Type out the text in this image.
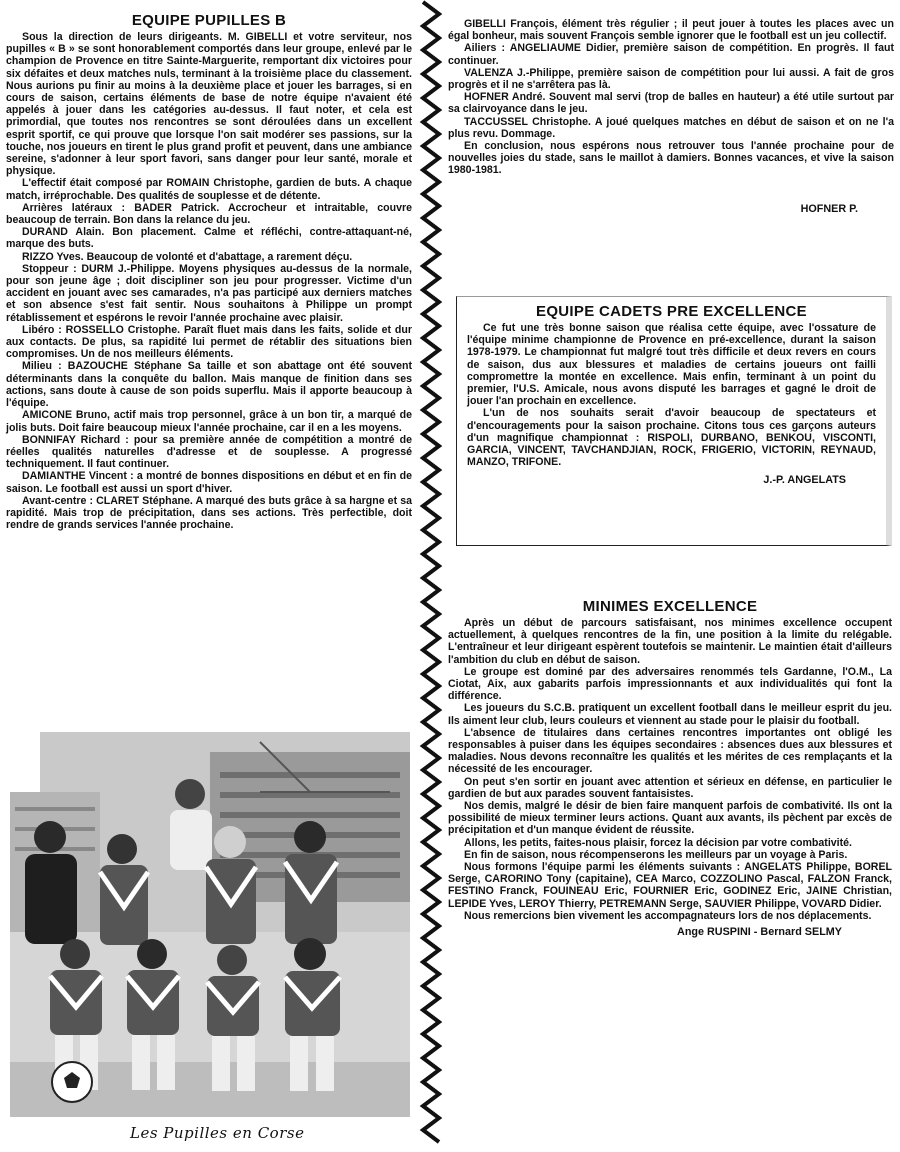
EQUIPE PUPILLES B

Sous la direction de leurs dirigeants. M. GIBELLI et votre serviteur, nos pupilles « B » se sont honorablement comportés dans leur groupe, enlevé par le champion de Provence en titre Sainte-Marguerite, remportant dix victoires pour six défaites et deux matches nuls, terminant à la troisième place du classement. Nous aurions pu finir au moins à la deuxième place et jouer les barrages, si en cours de saison, certains éléments de base de notre équipe n'avaient été appelés à jouer dans les catégories au-dessus. Il faut noter, et cela est primordial, que toutes nos rencontres se sont déroulées dans un excellent esprit sportif, ce qui prouve que lorsque l'on sait modérer ses passions, sur la touche, nos joueurs en tirent le plus grand profit et peuvent, dans une ambiance sereine, s'adonner à leur sport favori, sans danger pour leur santé, morale et physique.

L'effectif était composé par ROMAIN Christophe, gardien de buts. A chaque match, irréprochable. Des qualités de souplesse et de détente.

Arrières latéraux : BADER Patrick. Accrocheur et intraitable, couvre beaucoup de terrain. Bon dans la relance du jeu.

DURAND Alain. Bon placement. Calme et réfléchi, contre-attaquant-né, marque des buts.

RIZZO Yves. Beaucoup de volonté et d'abattage, a rarement déçu.

Stoppeur : DURM J.-Philippe. Moyens physiques au-dessus de la normale, pour son jeune âge ; doit discipliner son jeu pour progresser. Victime d'un accident en jouant avec ses camarades, n'a pas participé aux derniers matches et son absence s'est fait sentir. Nous souhaitons à Philippe un prompt rétablissement et espérons le revoir l'année prochaine avec plaisir.

Libéro : ROSSELLO Cristophe. Paraît fluet mais dans les faits, solide et dur aux contacts. De plus, sa rapidité lui permet de rétablir des situations bien compromises. Un de nos meilleurs éléments.

Milieu : BAZOUCHE Stéphane Sa taille et son abattage ont été souvent déterminants dans la conquête du ballon. Mais manque de finition dans ses actions, sans doute à cause de son poids superflu. Mais il apporte beaucoup à l'équipe.

AMICONE Bruno, actif mais trop personnel, grâce à un bon tir, a marqué de jolis buts. Doit faire beaucoup mieux l'année prochaine, car il en a les moyens.

BONNIFAY Richard : pour sa première année de compétition a montré de réelles qualités naturelles d'adresse et de souplesse. A progressé techniquement. Il faut continuer.

DAMIANTHE Vincent : a montré de bonnes dispositions en début et en fin de saison. Le football est aussi un sport d'hiver.

Avant-centre : CLARET Stéphane. A marqué des buts grâce à sa hargne et sa rapidité. Mais trop de précipitation, dans ses actions. Très perfectible, doit rendre de grands services l'année prochaine.

Les Pupilles en Corse

GIBELLI François, élément très régulier ; il peut jouer à toutes les places avec un égal bonheur, mais souvent François semble ignorer que le football est un jeu collectif.

Ailiers : ANGELIAUME Didier, première saison de compétition. En progrès. Il faut continuer.

VALENZA J.-Philippe, première saison de compétition pour lui aussi. A fait de gros progrès et il ne s'arrêtera pas là.

HOFNER André. Souvent mal servi (trop de balles en hauteur) a été utile surtout par sa clairvoyance dans le jeu.

TACCUSSEL Christophe. A joué quelques matches en début de saison et on ne l'a plus revu. Dommage.

En conclusion, nous espérons nous retrouver tous l'année prochaine pour de nouvelles joies du stade, sans le maillot à damiers. Bonnes vacances, et vive la saison 1980-1981.

HOFNER P.

EQUIPE CADETS PRE EXCELLENCE

Ce fut une très bonne saison que réalisa cette équipe, avec l'ossature de l'équipe minime championne de Provence en pré-excellence, durant la saison 1978-1979. Le championnat fut malgré tout très difficile et deux revers en cours de saison, dus aux blessures et maladies de certains joueurs ont failli compromettre la montée en excellence. Mais enfin, terminant à un point du premier, l'U.S. Amicale, nous avons disputé les barrages et gagné le droit de jouer l'an prochain en excellence.

L'un de nos souhaits serait d'avoir beaucoup de spectateurs et d'encouragements pour la saison prochaine. Citons tous ces garçons auteurs d'un magnifique championnat : RISPOLI, DURBANO, BENKOU, VISCONTI, GARCIA, VINCENT, TAVCHANDJIAN, ROCK, FRIGERIO, VICTORIN, REYNAUD, MANZO, TRIFONE.

J.-P. ANGELATS

MINIMES EXCELLENCE

Après un début de parcours satisfaisant, nos minimes excellence occupent actuellement, à quelques rencontres de la fin, une position à la limite du relégable. L'entraîneur et leur dirigeant espèrent toutefois se maintenir. Le maintien était d'ailleurs l'ambition du club en début de saison.

Le groupe est dominé par des adversaires renommés tels Gardanne, l'O.M., La Ciotat, Aix, aux gabarits parfois impressionnants et aux individualités qui font la différence.

Les joueurs du S.C.B. pratiquent un excellent football dans le meilleur esprit du jeu. Ils aiment leur club, leurs couleurs et viennent au stade pour le plaisir du football.

L'absence de titulaires dans certaines rencontres importantes ont obligé les responsables à puiser dans les équipes secondaires : absences dues aux blessures et maladies. Nous devons reconnaître les qualités et les mérites de ces remplaçants et la nécessité de les encourager.

On peut s'en sortir en jouant avec attention et sérieux en défense, en particulier le gardien de but aux parades souvent fantaisistes.

Nos demis, malgré le désir de bien faire manquent parfois de combativité. Ils ont la possibilité de mieux terminer leurs actions. Quant aux avants, ils pèchent par excès de précipitation et d'un manque évident de réussite.

Allons, les petits, faites-nous plaisir, forcez la décision par votre combativité.

En fin de saison, nous récompenserons les meilleurs par un voyage à Paris.

Nous formons l'équipe parmi les éléments suivants : ANGELATS Philippe, BOREL Serge, CARORINO Tony (capitaine), CEA Marco, COZZOLINO Pascal, FALZON Franck, FESTINO Franck, FOUINEAU Eric, FOURNIER Eric, GODINEZ Eric, JAINE Christian, LEPIDE Yves, LEROY Thierry, PETREMANN Serge, SAUVIER Philippe, VOVARD Didier.

Nous remercions bien vivement les accompagnateurs lors de nos déplacements.

Ange RUSPINI - Bernard SELMY
